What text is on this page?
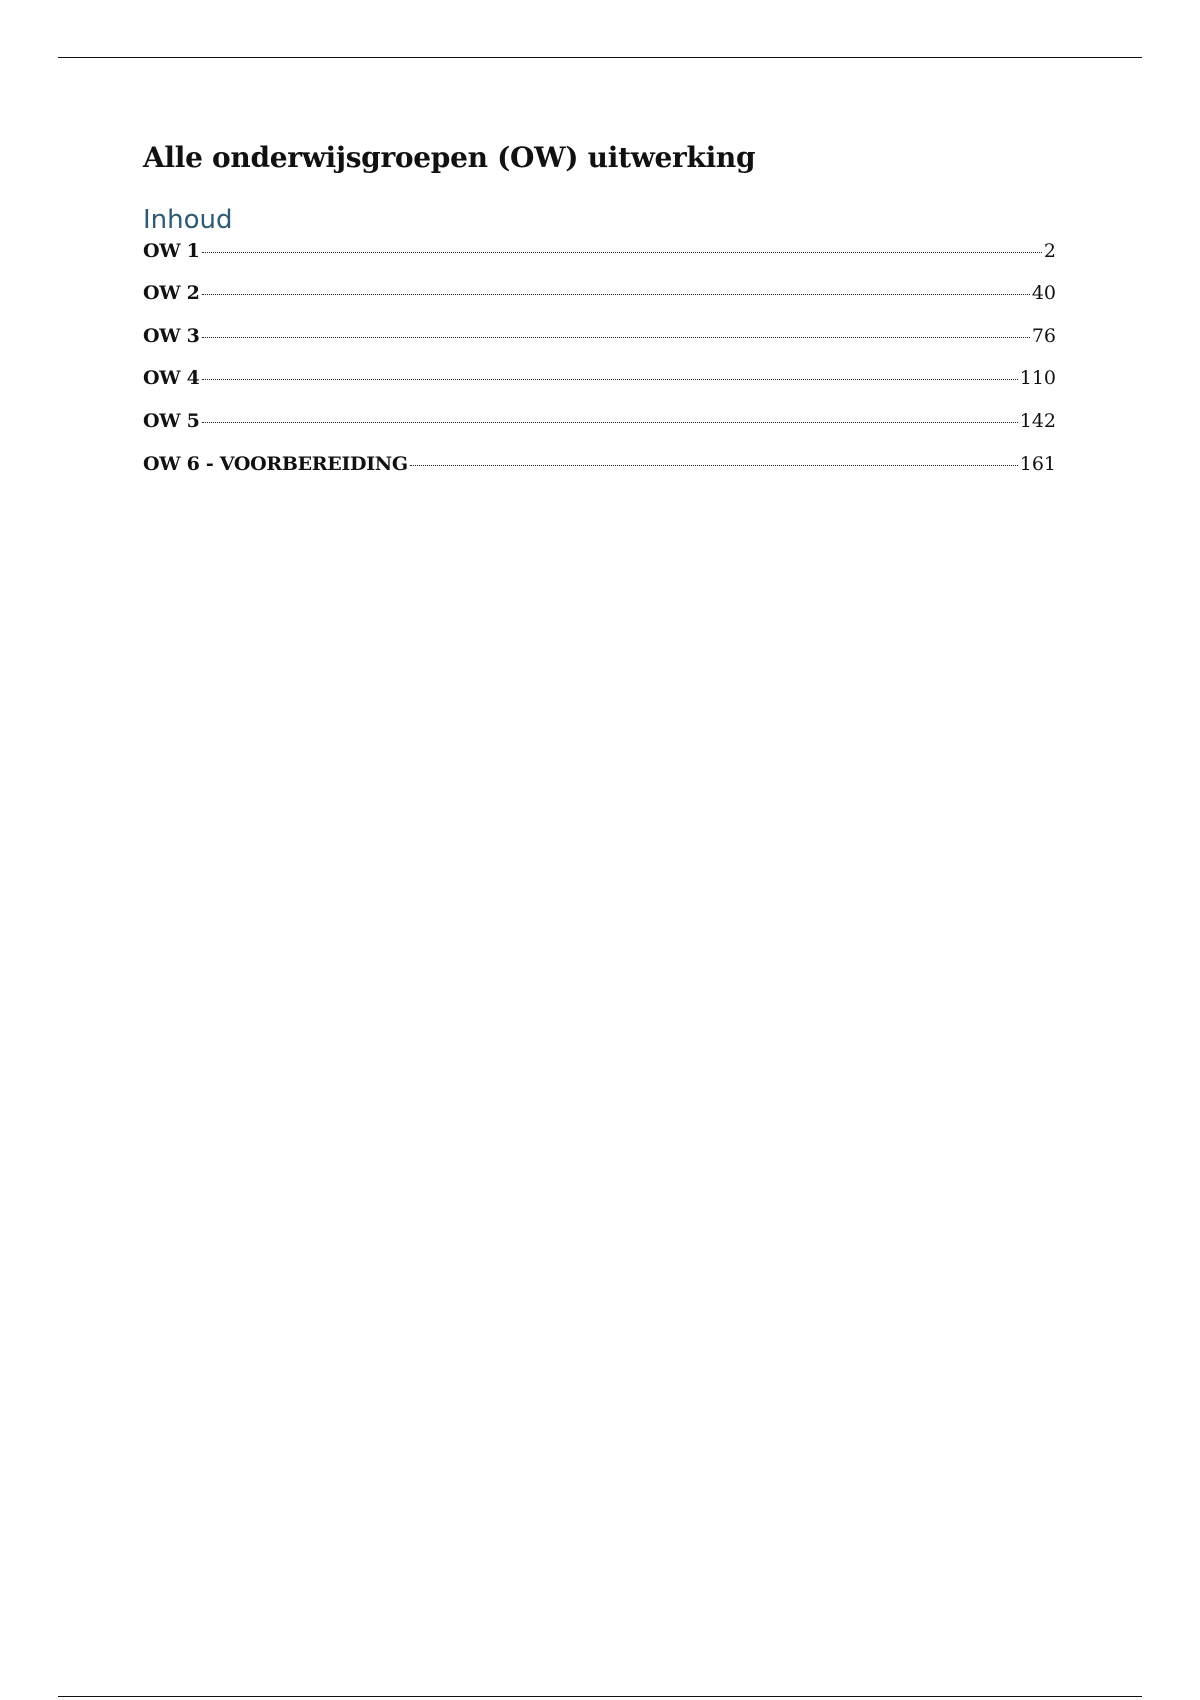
Alle onderwijsgroepen (OW) uitwerking
Inhoud
OW 1	2
OW 2	40
OW 3	76
OW 4	110
OW 5	142
OW 6 - VOORBEREIDING	161
